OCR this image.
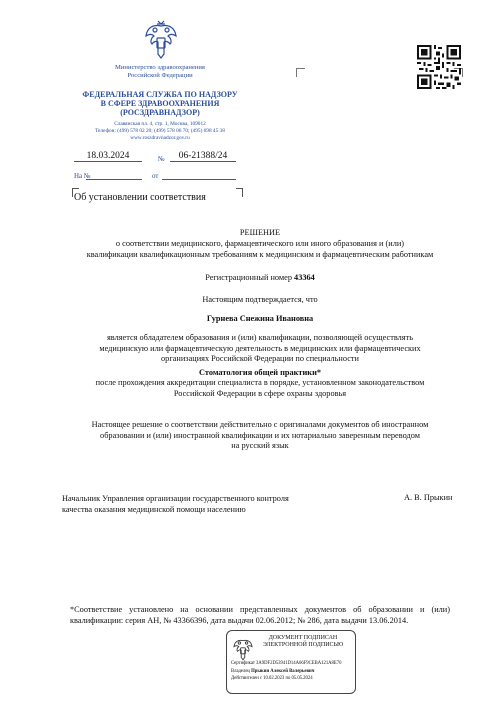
Министерство здравоохранения
Российской Федерации
ФЕДЕРАЛЬНАЯ СЛУЖБА ПО НАДЗОРУ
В СФЕРЕ ЗДРАВООХРАНЕНИЯ
(РОСЗДРАВНАДЗОР)
Славянская пл. 4, стр. 1, Москва, 109012
Телефон: (499) 578 02 20; (499) 578 06 70; (495) 698 45 38
www.roszdravnadzor.gov.ru
18.03.2024	№	06-21388/24
На №	от
Об установлении соответствия
РЕШЕНИЕ
о соответствии медицинского, фармацевтического или иного образования и (или)
квалификации квалификационным требованиям к медицинским и фармацевтическим работникам
Регистрационный номер 43364
Настоящим подтверждается, что
Гурнева Снежина Ивановна
является обладателем образования и (или) квалификации, позволяющей осуществлять
медицинскую или фармацевтическую деятельность в медицинских или фармацевтических
организациях Российской Федерации по специальности
Стоматология общей практики*
после прохождения аккредитации специалиста в порядке, установленном законодательством
Российской Федерации в сфере охраны здоровья
Настоящее решение о соответствии действительно с оригиналами документов об иностранном
образовании и (или) иностранной квалификации и их нотариально заверенным переводом
на русский язык
Начальник Управления организации государственного контроля
качества оказания медицинской помощи населению
А. В. Прыкин
*Соответствие установлено на основании представленных документов об образовании и (или) квалификации: серия АН, № 43366396, дата выдачи 02.06.2012; № 286, дата выдачи 13.06.2014.
ДОКУМЕНТ ПОДПИСАН
ЭЛЕКТРОННОЙ ПОДПИСЬЮ
Сертификат 3A9DF2D53941D14A66F9CEBA121A8E70
Владелец Прыкин Алексей Валерьевич
Действителен с 10.02.2023 по 05.05.2024
